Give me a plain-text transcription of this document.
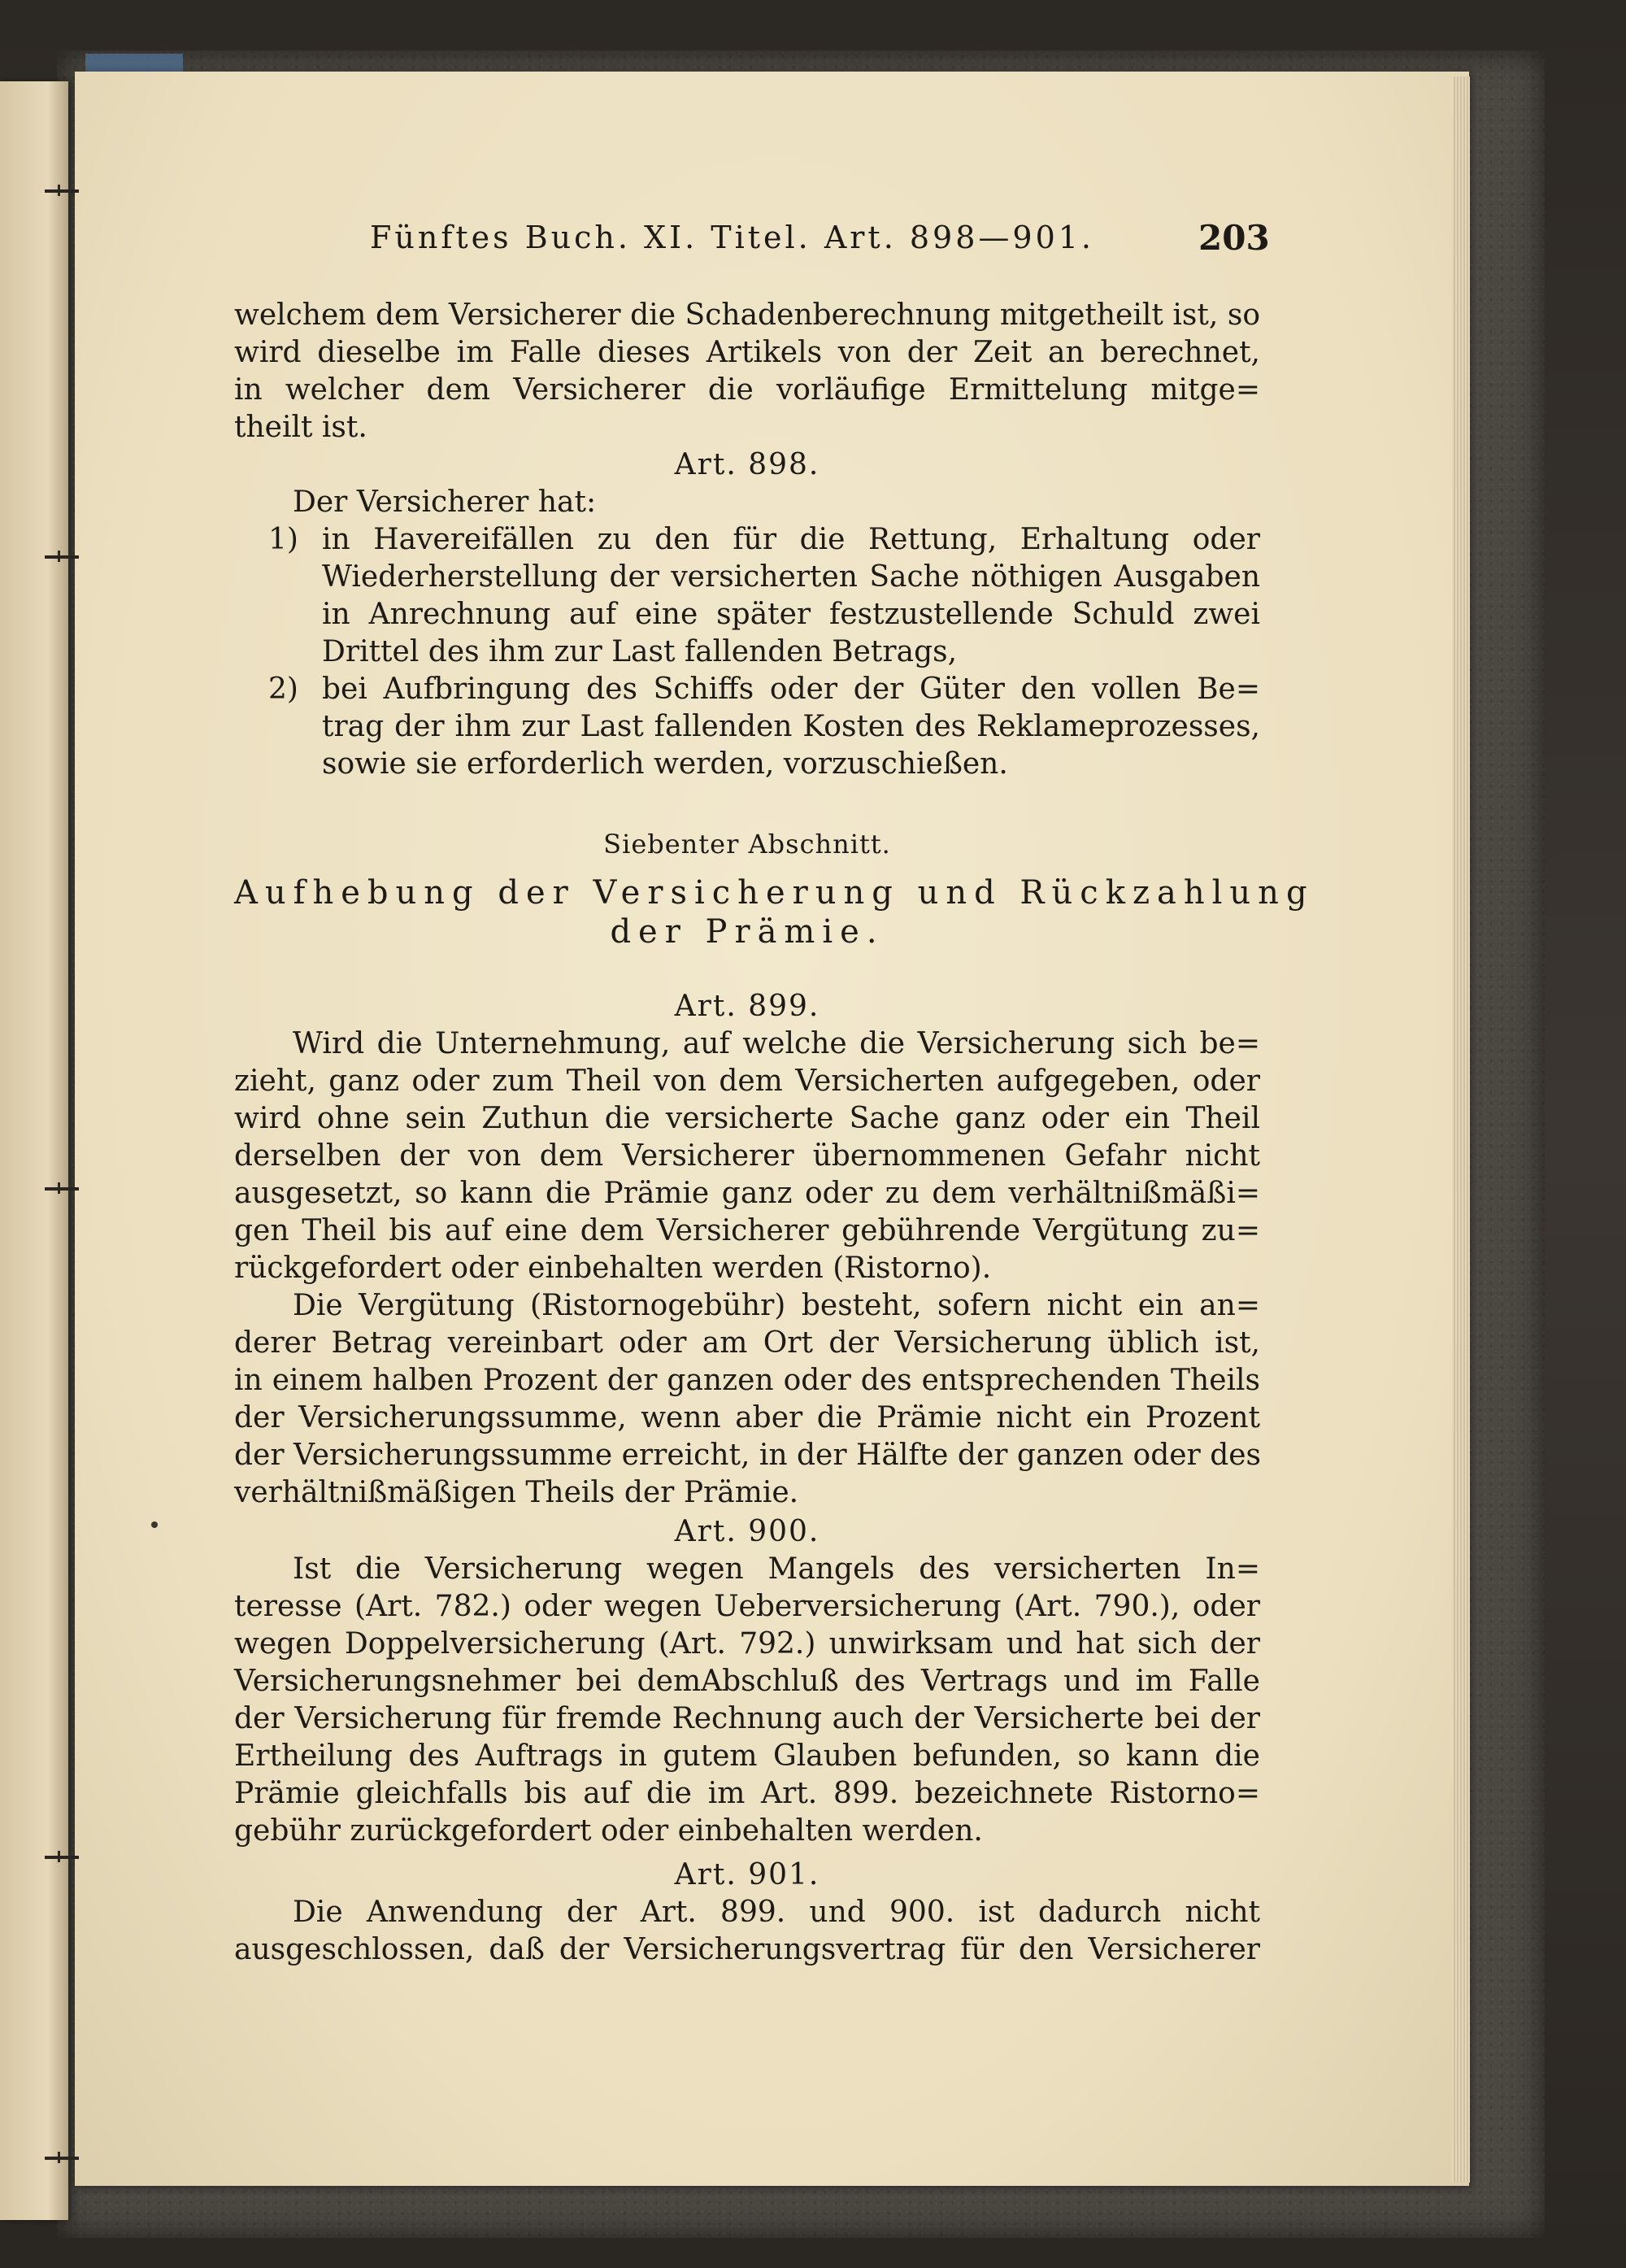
Fünftes Buch. XI. Titel. Art. 898—901.	203
welchem dem Versicherer die Schadenberechnung mitgetheilt ist, so
wird dieselbe im Falle dieses Artikels von der Zeit an berechnet,
in welcher dem Versicherer die vorläufige Ermittelung mitge=
theilt ist.
Art. 898.
Der Versicherer hat:
1) in Havereifällen zu den für die Rettung, Erhaltung oder
Wiederherstellung der versicherten Sache nöthigen Ausgaben
in Anrechnung auf eine später festzustellende Schuld zwei
Drittel des ihm zur Last fallenden Betrags,
2) bei Aufbringung des Schiffs oder der Güter den vollen Be=
trag der ihm zur Last fallenden Kosten des Reklameprozesses,
sowie sie erforderlich werden, vorzuschießen.
Siebenter Abschnitt.
Aufhebung der Versicherung und Rückzahlung
der Prämie.
Art. 899.
Wird die Unternehmung, auf welche die Versicherung sich be=
zieht, ganz oder zum Theil von dem Versicherten aufgegeben, oder
wird ohne sein Zuthun die versicherte Sache ganz oder ein Theil
derselben der von dem Versicherer übernommenen Gefahr nicht
ausgesetzt, so kann die Prämie ganz oder zu dem verhältnißmäßi=
gen Theil bis auf eine dem Versicherer gebührende Vergütung zu=
rückgefordert oder einbehalten werden (Ristorno).
Die Vergütung (Ristornogebühr) besteht, sofern nicht ein an=
derer Betrag vereinbart oder am Ort der Versicherung üblich ist,
in einem halben Prozent der ganzen oder des entsprechenden Theils
der Versicherungssumme, wenn aber die Prämie nicht ein Prozent
der Versicherungssumme erreicht, in der Hälfte der ganzen oder des
verhältnißmäßigen Theils der Prämie.
Art. 900.
Ist die Versicherung wegen Mangels des versicherten In=
teresse (Art. 782.) oder wegen Ueberversicherung (Art. 790.), oder
wegen Doppelversicherung (Art. 792.) unwirksam und hat sich der
Versicherungsnehmer bei demAbschluß des Vertrags und im Falle
der Versicherung für fremde Rechnung auch der Versicherte bei der
Ertheilung des Auftrags in gutem Glauben befunden, so kann die
Prämie gleichfalls bis auf die im Art. 899. bezeichnete Ristorno=
gebühr zurückgefordert oder einbehalten werden.
Art. 901.
Die Anwendung der Art. 899. und 900. ist dadurch nicht
ausgeschlossen, daß der Versicherungsvertrag für den Versicherer
